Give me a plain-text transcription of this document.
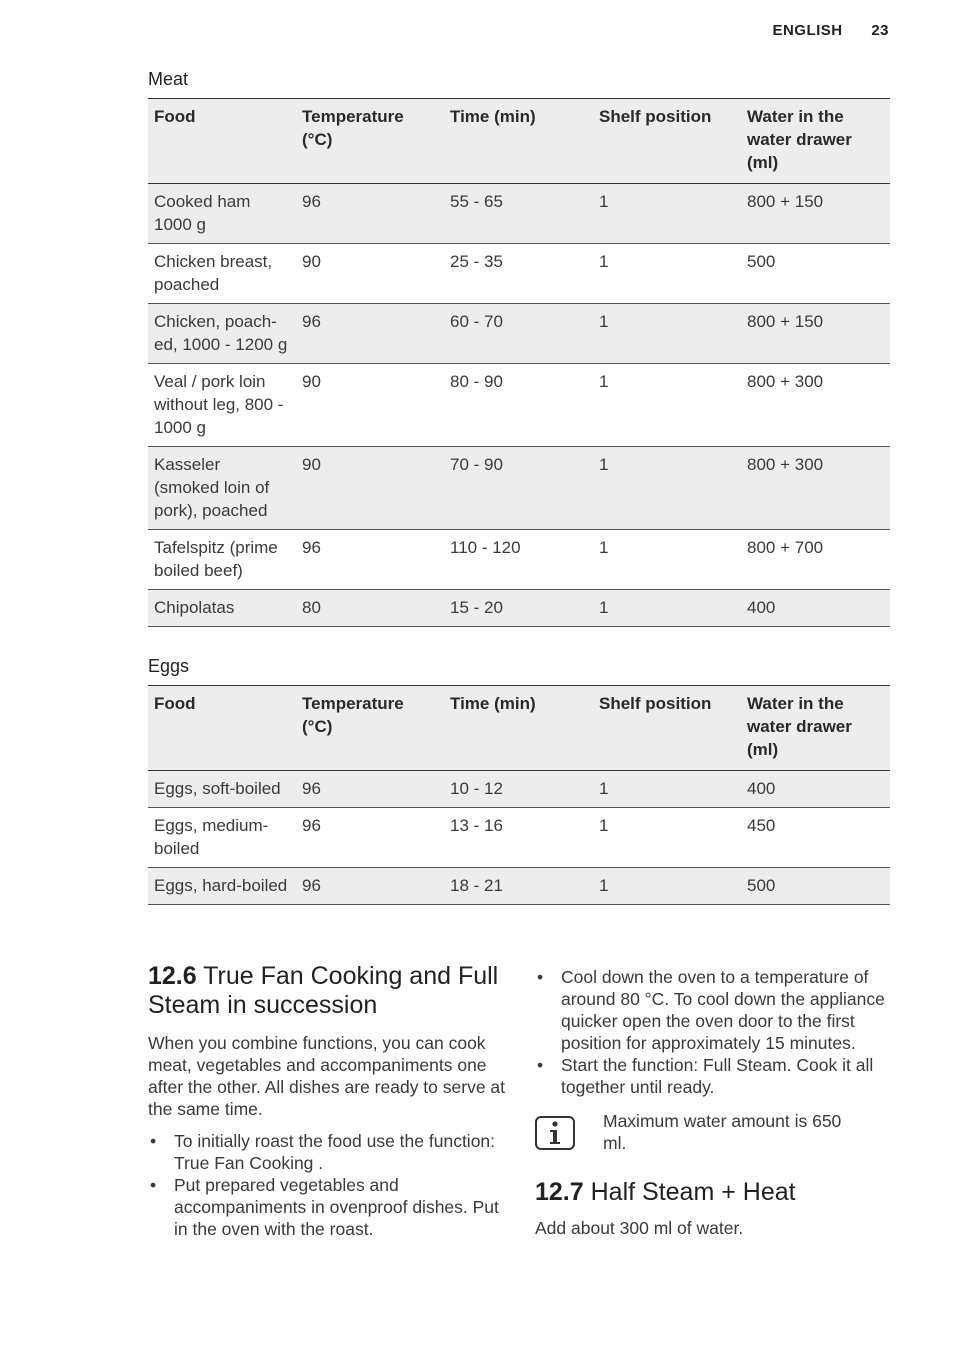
ENGLISH 23
Meat
Food	Temperature (°C)	Time (min)	Shelf position	Water in the water drawer (ml)
Cooked ham 1000 g	96	55 - 65	1	800 + 150
Chicken breast, poached	90	25 - 35	1	500
Chicken, poach-ed, 1000 - 1200 g	96	60 - 70	1	800 + 150
Veal / pork loin without leg, 800 - 1000 g	90	80 - 90	1	800 + 300
Kasseler (smoked loin of pork), poached	90	70 - 90	1	800 + 300
Tafelspitz (prime boiled beef)	96	110 - 120	1	800 + 700
Chipolatas	80	15 - 20	1	400
Eggs
Food	Temperature (°C)	Time (min)	Shelf position	Water in the water drawer (ml)
Eggs, soft-boiled	96	10 - 12	1	400
Eggs, medium-boiled	96	13 - 16	1	450
Eggs, hard-boiled	96	18 - 21	1	500
12.6 True Fan Cooking and Full Steam in succession

When you combine functions, you can cook meat, vegetables and accompaniments one after the other. All dishes are ready to serve at the same time.

• To initially roast the food use the function: True Fan Cooking .
• Put prepared vegetables and accompaniments in ovenproof dishes. Put in the oven with the roast.
• Cool down the oven to a temperature of around 80 °C. To cool down the appliance quicker open the oven door to the first position for approximately 15 minutes.
• Start the function: Full Steam. Cook it all together until ready.
Maximum water amount is 650 ml.
12.7 Half Steam + Heat

Add about 300 ml of water.
